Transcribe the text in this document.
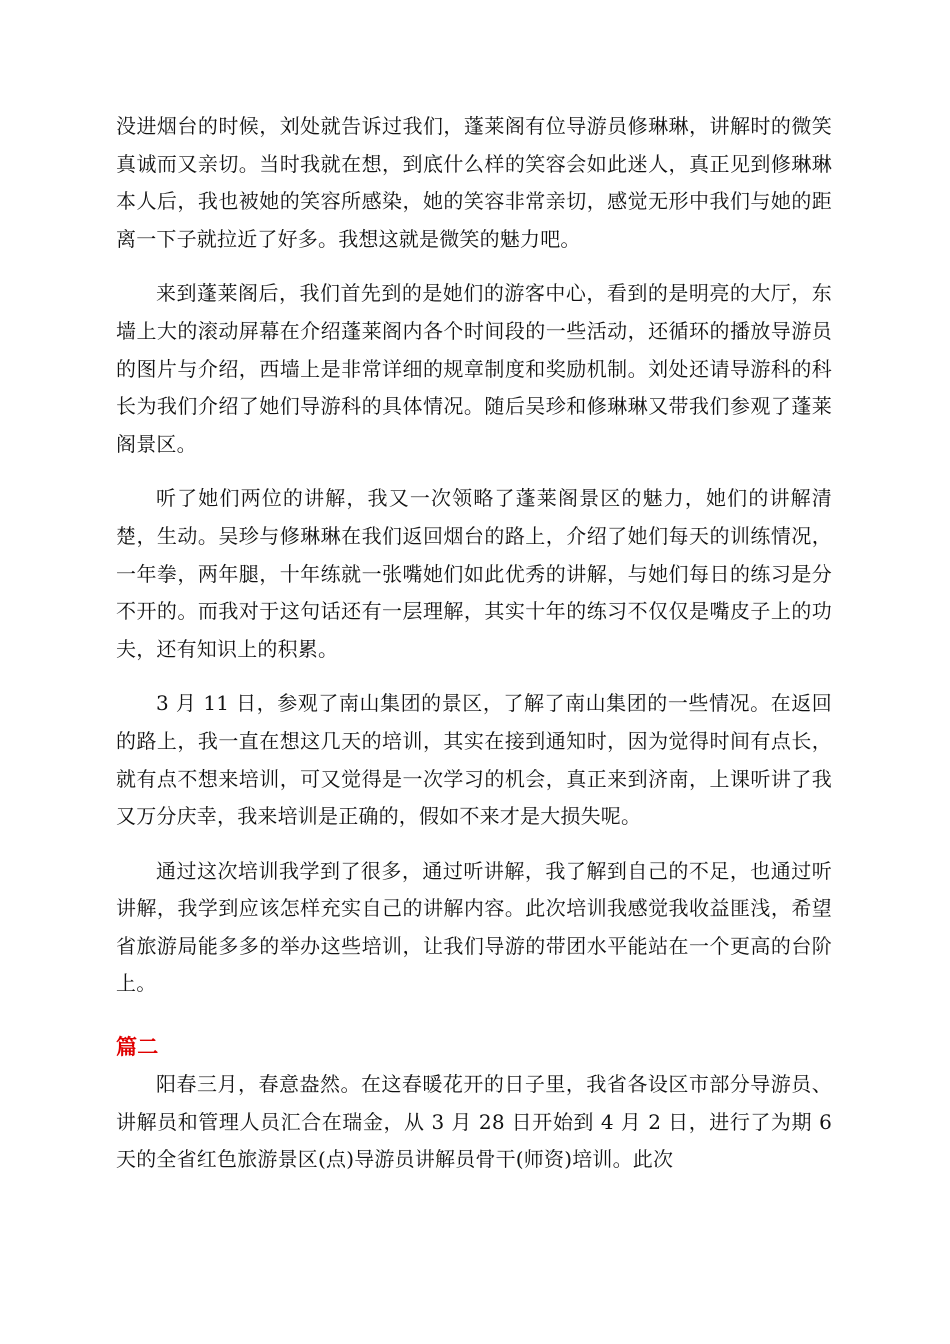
没进烟台的时候，刘处就告诉过我们，蓬莱阁有位导游员修琳琳，讲解时的微笑真诚而又亲切。当时我就在想，到底什么样的笑容会如此迷人，真正见到修琳琳本人后，我也被她的笑容所感染，她的笑容非常亲切，感觉无形中我们与她的距离一下子就拉近了好多。我想这就是微笑的魅力吧。

来到蓬莱阁后，我们首先到的是她们的游客中心，看到的是明亮的大厅，东墙上大的滚动屏幕在介绍蓬莱阁内各个时间段的一些活动，还循环的播放导游员的图片与介绍，西墙上是非常详细的规章制度和奖励机制。刘处还请导游科的科长为我们介绍了她们导游科的具体情况。随后吴珍和修琳琳又带我们参观了蓬莱阁景区。

听了她们两位的讲解，我又一次领略了蓬莱阁景区的魅力，她们的讲解清楚，生动。吴珍与修琳琳在我们返回烟台的路上，介绍了她们每天的训练情况，一年拳，两年腿，十年练就一张嘴她们如此优秀的讲解，与她们每日的练习是分不开的。而我对于这句话还有一层理解，其实十年的练习不仅仅是嘴皮子上的功夫，还有知识上的积累。

3 月 11 日，参观了南山集团的景区，了解了南山集团的一些情况。在返回的路上，我一直在想这几天的培训，其实在接到通知时，因为觉得时间有点长，就有点不想来培训，可又觉得是一次学习的机会，真正来到济南，上课听讲了我又万分庆幸，我来培训是正确的，假如不来才是大损失呢。

通过这次培训我学到了很多，通过听讲解，我了解到自己的不足，也通过听讲解，我学到应该怎样充实自己的讲解内容。此次培训我感觉我收益匪浅，希望省旅游局能多多的举办这些培训，让我们导游的带团水平能站在一个更高的台阶上。

篇二

阳春三月，春意盎然。在这春暖花开的日子里，我省各设区市部分导游员、讲解员和管理人员汇合在瑞金，从 3 月 28 日开始到 4 月 2 日，进行了为期 6 天的全省红色旅游景区(点)导游员讲解员骨干(师资)培训。此次
